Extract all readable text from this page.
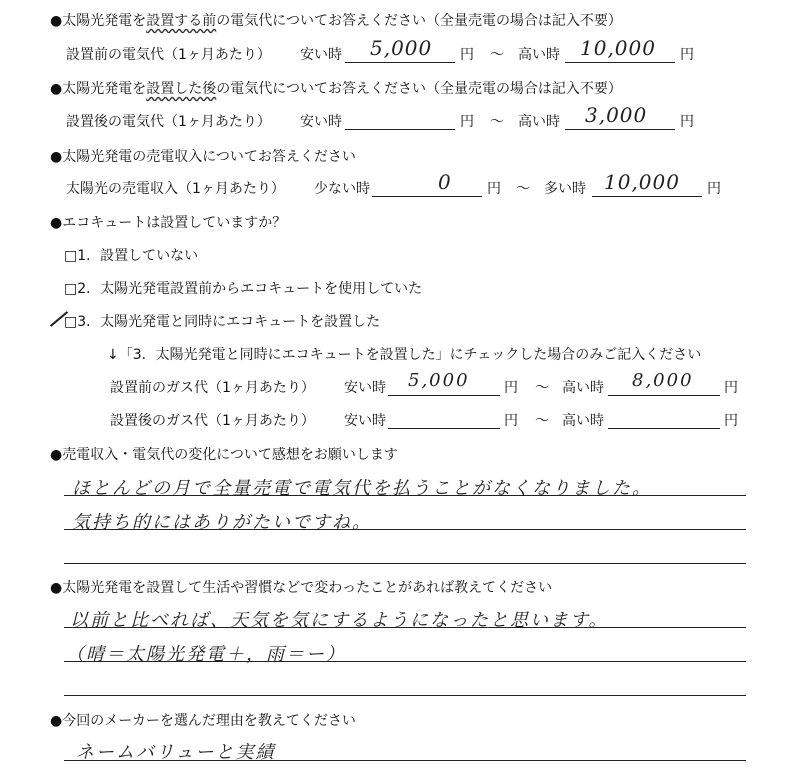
●太陽光発電を設置する前の電気代についてお答えください（全量売電の場合は記入不要）
設置前の電気代（1ヶ月あたり） 安い時 5,000 円 ～ 高い時 10,000 円
●太陽光発電を設置した後の電気代についてお答えください（全量売電の場合は記入不要）
設置後の電気代（1ヶ月あたり） 安い時	円 ～ 高い時 3,000 円
●太陽光発電の売電収入についてお答えください
太陽光の売電収入（1ヶ月あたり） 少ない時	0	円 ～ 多い時 10,000 円
●エコキュートは設置していますか？
□1．設置していない
□2．太陽光発電設置前からエコキュートを使用していた
□3．太陽光発電と同時にエコキュートを設置した
↓「3．太陽光発電と同時にエコキュートを設置した」にチェックした場合のみご記入ください
設置前のガス代（1ヶ月あたり） 安い時 5,000 円 ～ 高い時 8,000 円
設置後のガス代（1ヶ月あたり） 安い時	円 ～ 高い時	円
●売電収入・電気代の変化について感想をお願いします
ほとんどの月で全量売電で電気代を払うことがなくなりました。
気持ち的にはありがたいですね。
●太陽光発電を設置して生活や習慣などで変わったことがあれば教えてください
以前と比べれば、天気を気にするようになったと思います。
（晴＝太陽光発電＋，雨＝ー）
●今回のメーカーを選んだ理由を教えてください
ネームバリューと実績
